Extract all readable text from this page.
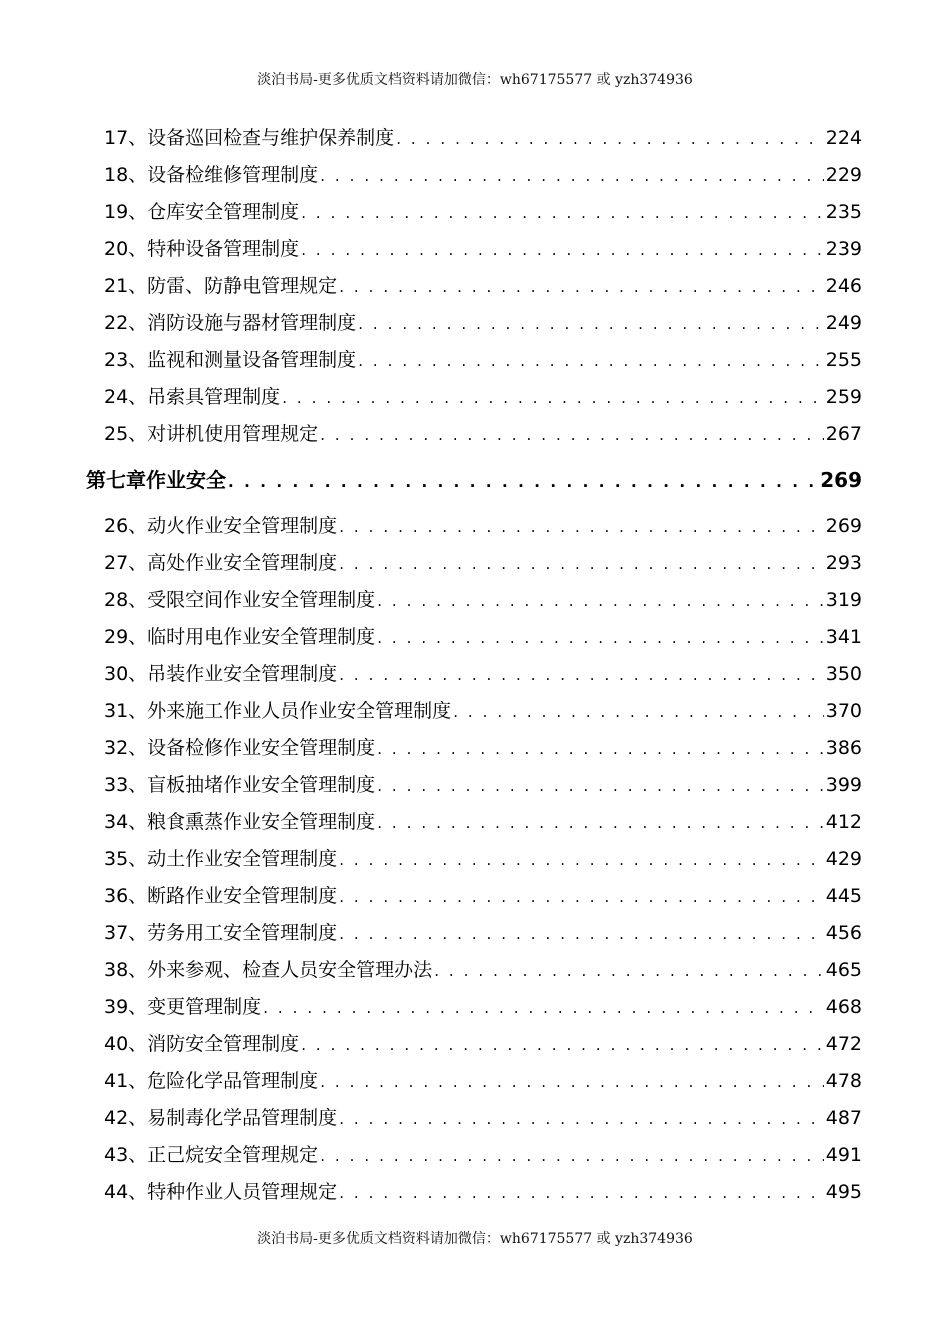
淡泊书局-更多优质文档资料请加微信：wh67175577 或 yzh374936
17、设备巡回检查与维护保养制度 . . .	224
18、设备检维修管理制度 . . .	229
19、仓库安全管理制度 . . .	235
20、特种设备管理制度 . . .	239
21、防雷、防静电管理规定 . . .	246
22、消防设施与器材管理制度 . . .	249
23、监视和测量设备管理制度 . . .	255
24、吊索具管理制度 . . .	259
25、对讲机使用管理规定 . . .	267
第七章作业安全 . . .	269
26、动火作业安全管理制度 . . .	269
27、高处作业安全管理制度 . . .	293
28、受限空间作业安全管理制度 . . .	319
29、临时用电作业安全管理制度 . . .	341
30、吊装作业安全管理制度 . . .	350
31、外来施工作业人员作业安全管理制度 . . .	370
32、设备检修作业安全管理制度 . . .	386
33、盲板抽堵作业安全管理制度 . . .	399
34、粮食熏蒸作业安全管理制度 . . .	412
35、动土作业安全管理制度 . . .	429
36、断路作业安全管理制度 . . .	445
37、劳务用工安全管理制度 . . .	456
38、外来参观、检查人员安全管理办法 . . .	465
39、变更管理制度 . . .	468
40、消防安全管理制度 . . .	472
41、危险化学品管理制度 . . .	478
42、易制毒化学品管理制度 . . .	487
43、正己烷安全管理规定 . . .	491
44、特种作业人员管理规定 . . .	495
淡泊书局-更多优质文档资料请加微信：wh67175577 或 yzh374936
